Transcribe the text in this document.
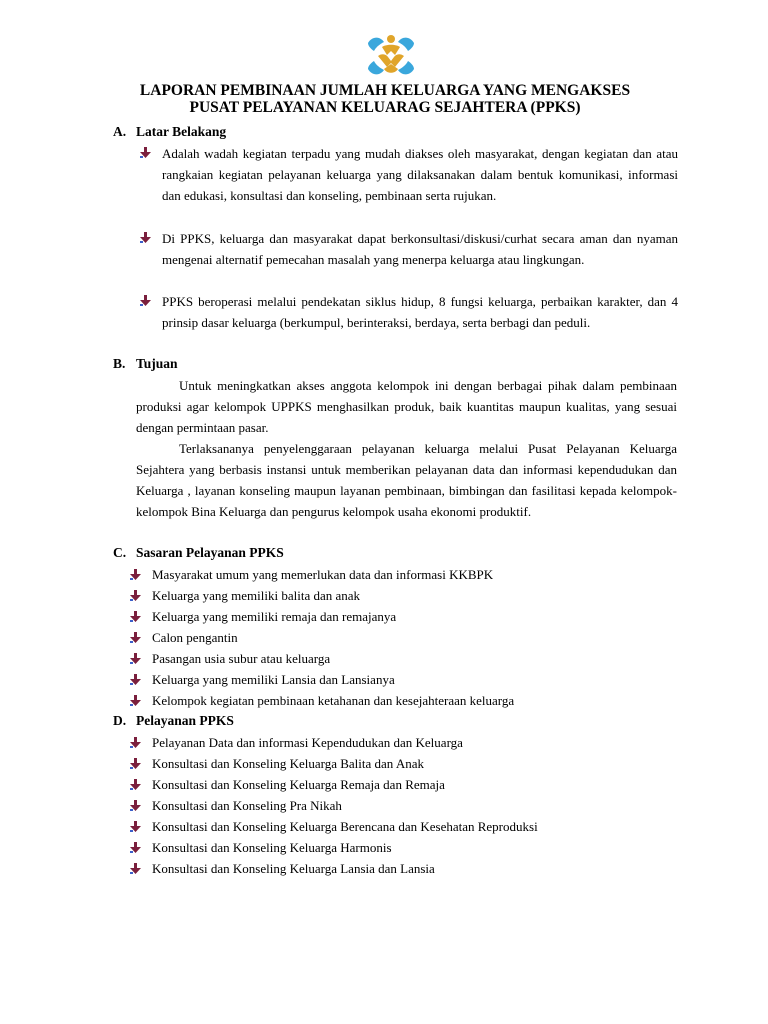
LAPORAN PEMBINAAN JUMLAH KELUARGA YANG MENGAKSES
PUSAT PELAYANAN KELUARAG SEJAHTERA (PPKS)
A. Latar Belakang
Adalah wadah kegiatan terpadu yang mudah diakses oleh masyarakat, dengan kegiatan dan atau rangkaian kegiatan pelayanan keluarga yang dilaksanakan dalam bentuk komunikasi, informasi dan edukasi, konsultasi dan konseling, pembinaan serta rujukan.
Di PPKS, keluarga dan masyarakat dapat berkonsultasi/diskusi/curhat secara aman dan nyaman mengenai alternatif pemecahan masalah yang menerpa keluarga atau lingkungan.
PPKS beroperasi melalui pendekatan siklus hidup, 8 fungsi keluarga, perbaikan karakter, dan 4 prinsip dasar keluarga (berkumpul, berinteraksi, berdaya, serta berbagi dan peduli.
B. Tujuan
Untuk meningkatkan akses anggota kelompok ini dengan berbagai pihak dalam pembinaan produksi agar kelompok UPPKS menghasilkan produk, baik kuantitas maupun kualitas, yang sesuai dengan permintaan pasar.
Terlaksananya penyelenggaraan pelayanan keluarga melalui Pusat Pelayanan Keluarga Sejahtera yang berbasis instansi untuk memberikan pelayanan data dan informasi kependudukan dan Keluarga , layanan konseling maupun layanan pembinaan, bimbingan dan fasilitasi kepada kelompok-kelompok Bina Keluarga dan pengurus kelompok usaha ekonomi produktif.
C. Sasaran Pelayanan PPKS
Masyarakat umum yang memerlukan data dan informasi KKBPK
Keluarga yang memiliki balita dan anak
Keluarga yang memiliki remaja dan remajanya
Calon pengantin
Pasangan usia subur atau keluarga
Keluarga yang memiliki Lansia dan Lansianya
Kelompok kegiatan pembinaan ketahanan dan kesejahteraan keluarga
D. Pelayanan PPKS
Pelayanan Data dan informasi Kependudukan dan Keluarga
Konsultasi dan Konseling Keluarga Balita dan Anak
Konsultasi dan Konseling Keluarga Remaja dan Remaja
Konsultasi dan Konseling Pra Nikah
Konsultasi dan Konseling Keluarga Berencana dan Kesehatan Reproduksi
Konsultasi dan Konseling Keluarga Harmonis
Konsultasi dan Konseling Keluarga Lansia dan Lansia
